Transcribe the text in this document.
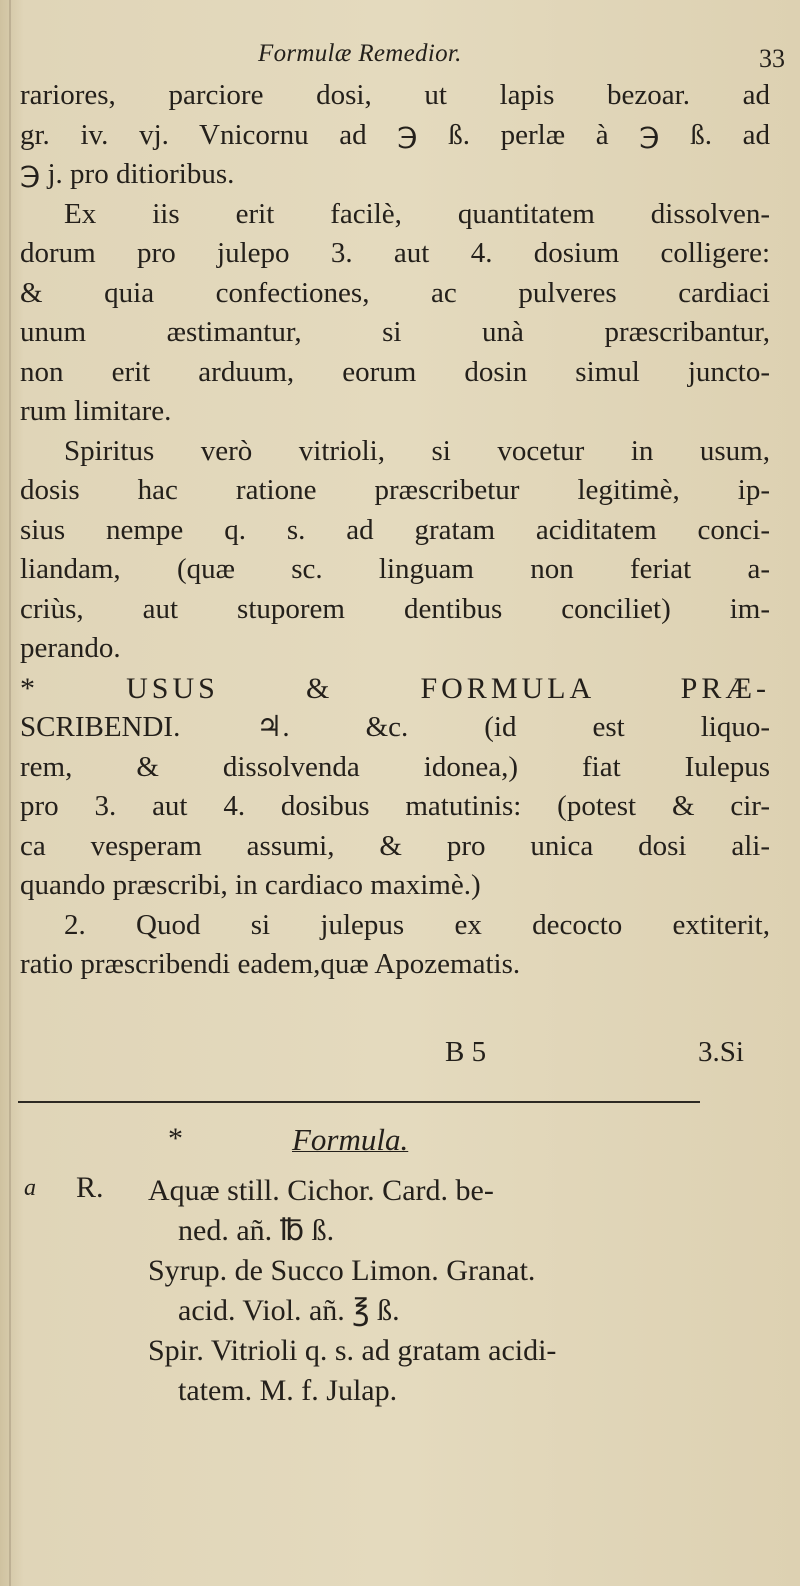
Formulæ Remedior.	33
rariores, parciore dosi, ut lapis bezoar. ad
gr. iv. vj. Vnicornu ad ℈ ß. perlæ à ℈ ß. ad
℈ j. pro ditioribus.
Ex iis erit facilè, quantitatem dissolven-
dorum pro julepo 3. aut 4. dosium colligere:
& quia confectiones, ac pulveres cardiaci
unum æstimantur, si unà præscribantur,
non erit arduum, eorum dosin simul juncto-
rum limitare.
Spiritus verò vitrioli, si vocetur in usum,
dosis hac ratione præscribetur legitimè, ip-
sius nempe q. s. ad gratam aciditatem conci-
liandam, (quæ sc. linguam non feriat a-
criùs, aut stuporem dentibus conciliet) im-
perando.
* USUS & FORMULA PRÆ-
SCRIBENDI. ♃. &c. (id est liquo-
rem, & dissolvenda idonea,) fiat Iulepus
pro 3. aut 4. dosibus matutinis: (potest & cir-
ca vesperam assumi, & pro unica dosi ali-
quando præscribi, in cardiaco maximè.)
2. Quod si julepus ex decocto extiterit,
ratio præscribendi eadem,quæ Apozematis.
B 5	3.Si
*	Formula.
a R. Aquæ still. Cichor. Card. be-
ned. añ. ℔ ß.
Syrup. de Succo Limon. Granat.
acid. Viol. añ. ℥ ß.
Spir. Vitrioli q. s. ad gratam acidi-
tatem. M. f. Julap.
